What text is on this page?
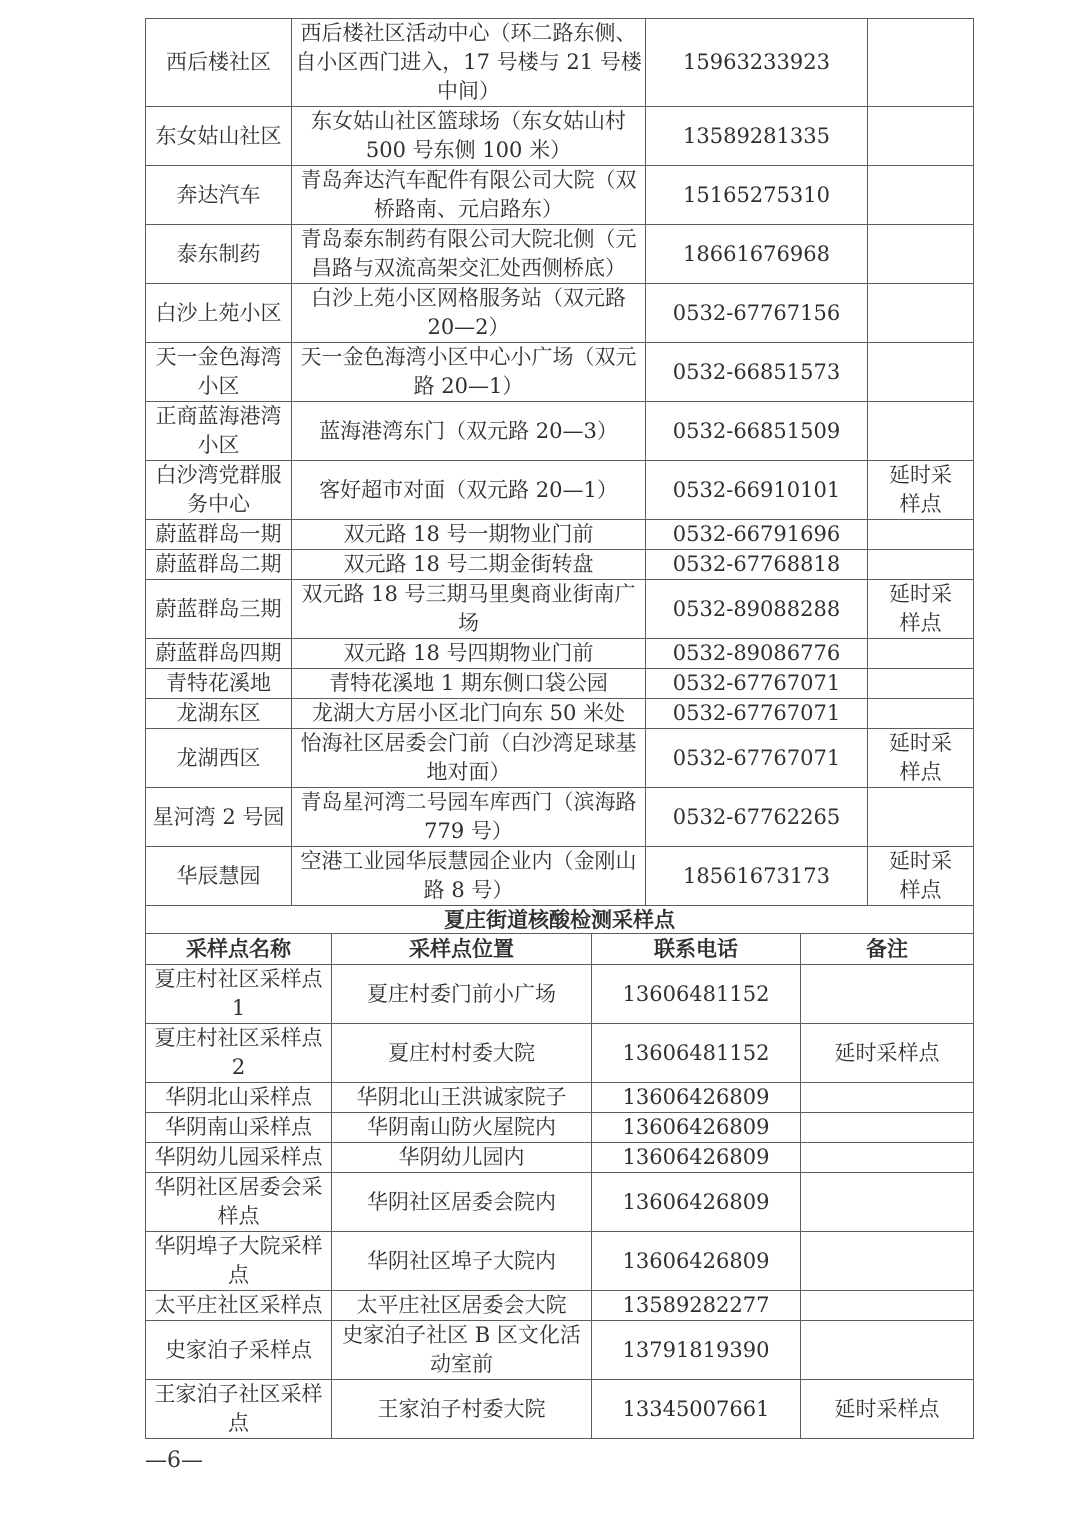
西后楼社区	西后楼社区活动中心（环二路东侧、自小区西门进入，17 号楼与 21 号楼中间）	15963233923	
东女姑山社区	东女姑山社区篮球场（东女姑山村 500 号东侧 100 米）	13589281335	
奔达汽车	青岛奔达汽车配件有限公司大院（双桥路南、元启路东）	15165275310	
泰东制药	青岛泰东制药有限公司大院北侧（元昌路与双流高架交汇处西侧桥底）	18661676968	
白沙上苑小区	白沙上苑小区网格服务站（双元路 20—2）	0532-67767156	
天一金色海湾小区	天一金色海湾小区中心小广场（双元路 20—1）	0532-66851573	
正商蓝海港湾小区	蓝海港湾东门（双元路 20—3）	0532-66851509	
白沙湾党群服务中心	客好超市对面（双元路 20—1）	0532-66910101	延时采样点
蔚蓝群岛一期	双元路 18 号一期物业门前	0532-66791696	
蔚蓝群岛二期	双元路 18 号二期金街转盘	0532-67768818	
蔚蓝群岛三期	双元路 18 号三期马里奥商业街南广场	0532-89088288	延时采样点
蔚蓝群岛四期	双元路 18 号四期物业门前	0532-89086776	
青特花溪地	青特花溪地 1 期东侧口袋公园	0532-67767071	
龙湖东区	龙湖大方居小区北门向东 50 米处	0532-67767071	
龙湖西区	怡海社区居委会门前（白沙湾足球基地对面）	0532-67767071	延时采样点
星河湾 2 号园	青岛星河湾二号园车库西门（滨海路 779 号）	0532-67762265	
华辰慧园	空港工业园华辰慧园企业内（金刚山路 8 号）	18561673173	延时采样点
夏庄街道核酸检测采样点			
采样点名称	采样点位置	联系电话	备注
夏庄村社区采样点 1	夏庄村委门前小广场	13606481152	
夏庄村社区采样点 2	夏庄村村委大院	13606481152	延时采样点
华阴北山采样点	华阴北山王洪诚家院子	13606426809	
华阴南山采样点	华阴南山防火屋院内	13606426809	
华阴幼儿园采样点	华阴幼儿园内	13606426809	
华阴社区居委会采样点	华阴社区居委会院内	13606426809	
华阴埠子大院采样点	华阴社区埠子大院内	13606426809	
太平庄社区采样点	太平庄社区居委会大院	13589282277	
史家泊子采样点	史家泊子社区 B 区文化活动室前	13791819390	
王家泊子社区采样点	王家泊子村委大院	13345007661	延时采样点
—6—
